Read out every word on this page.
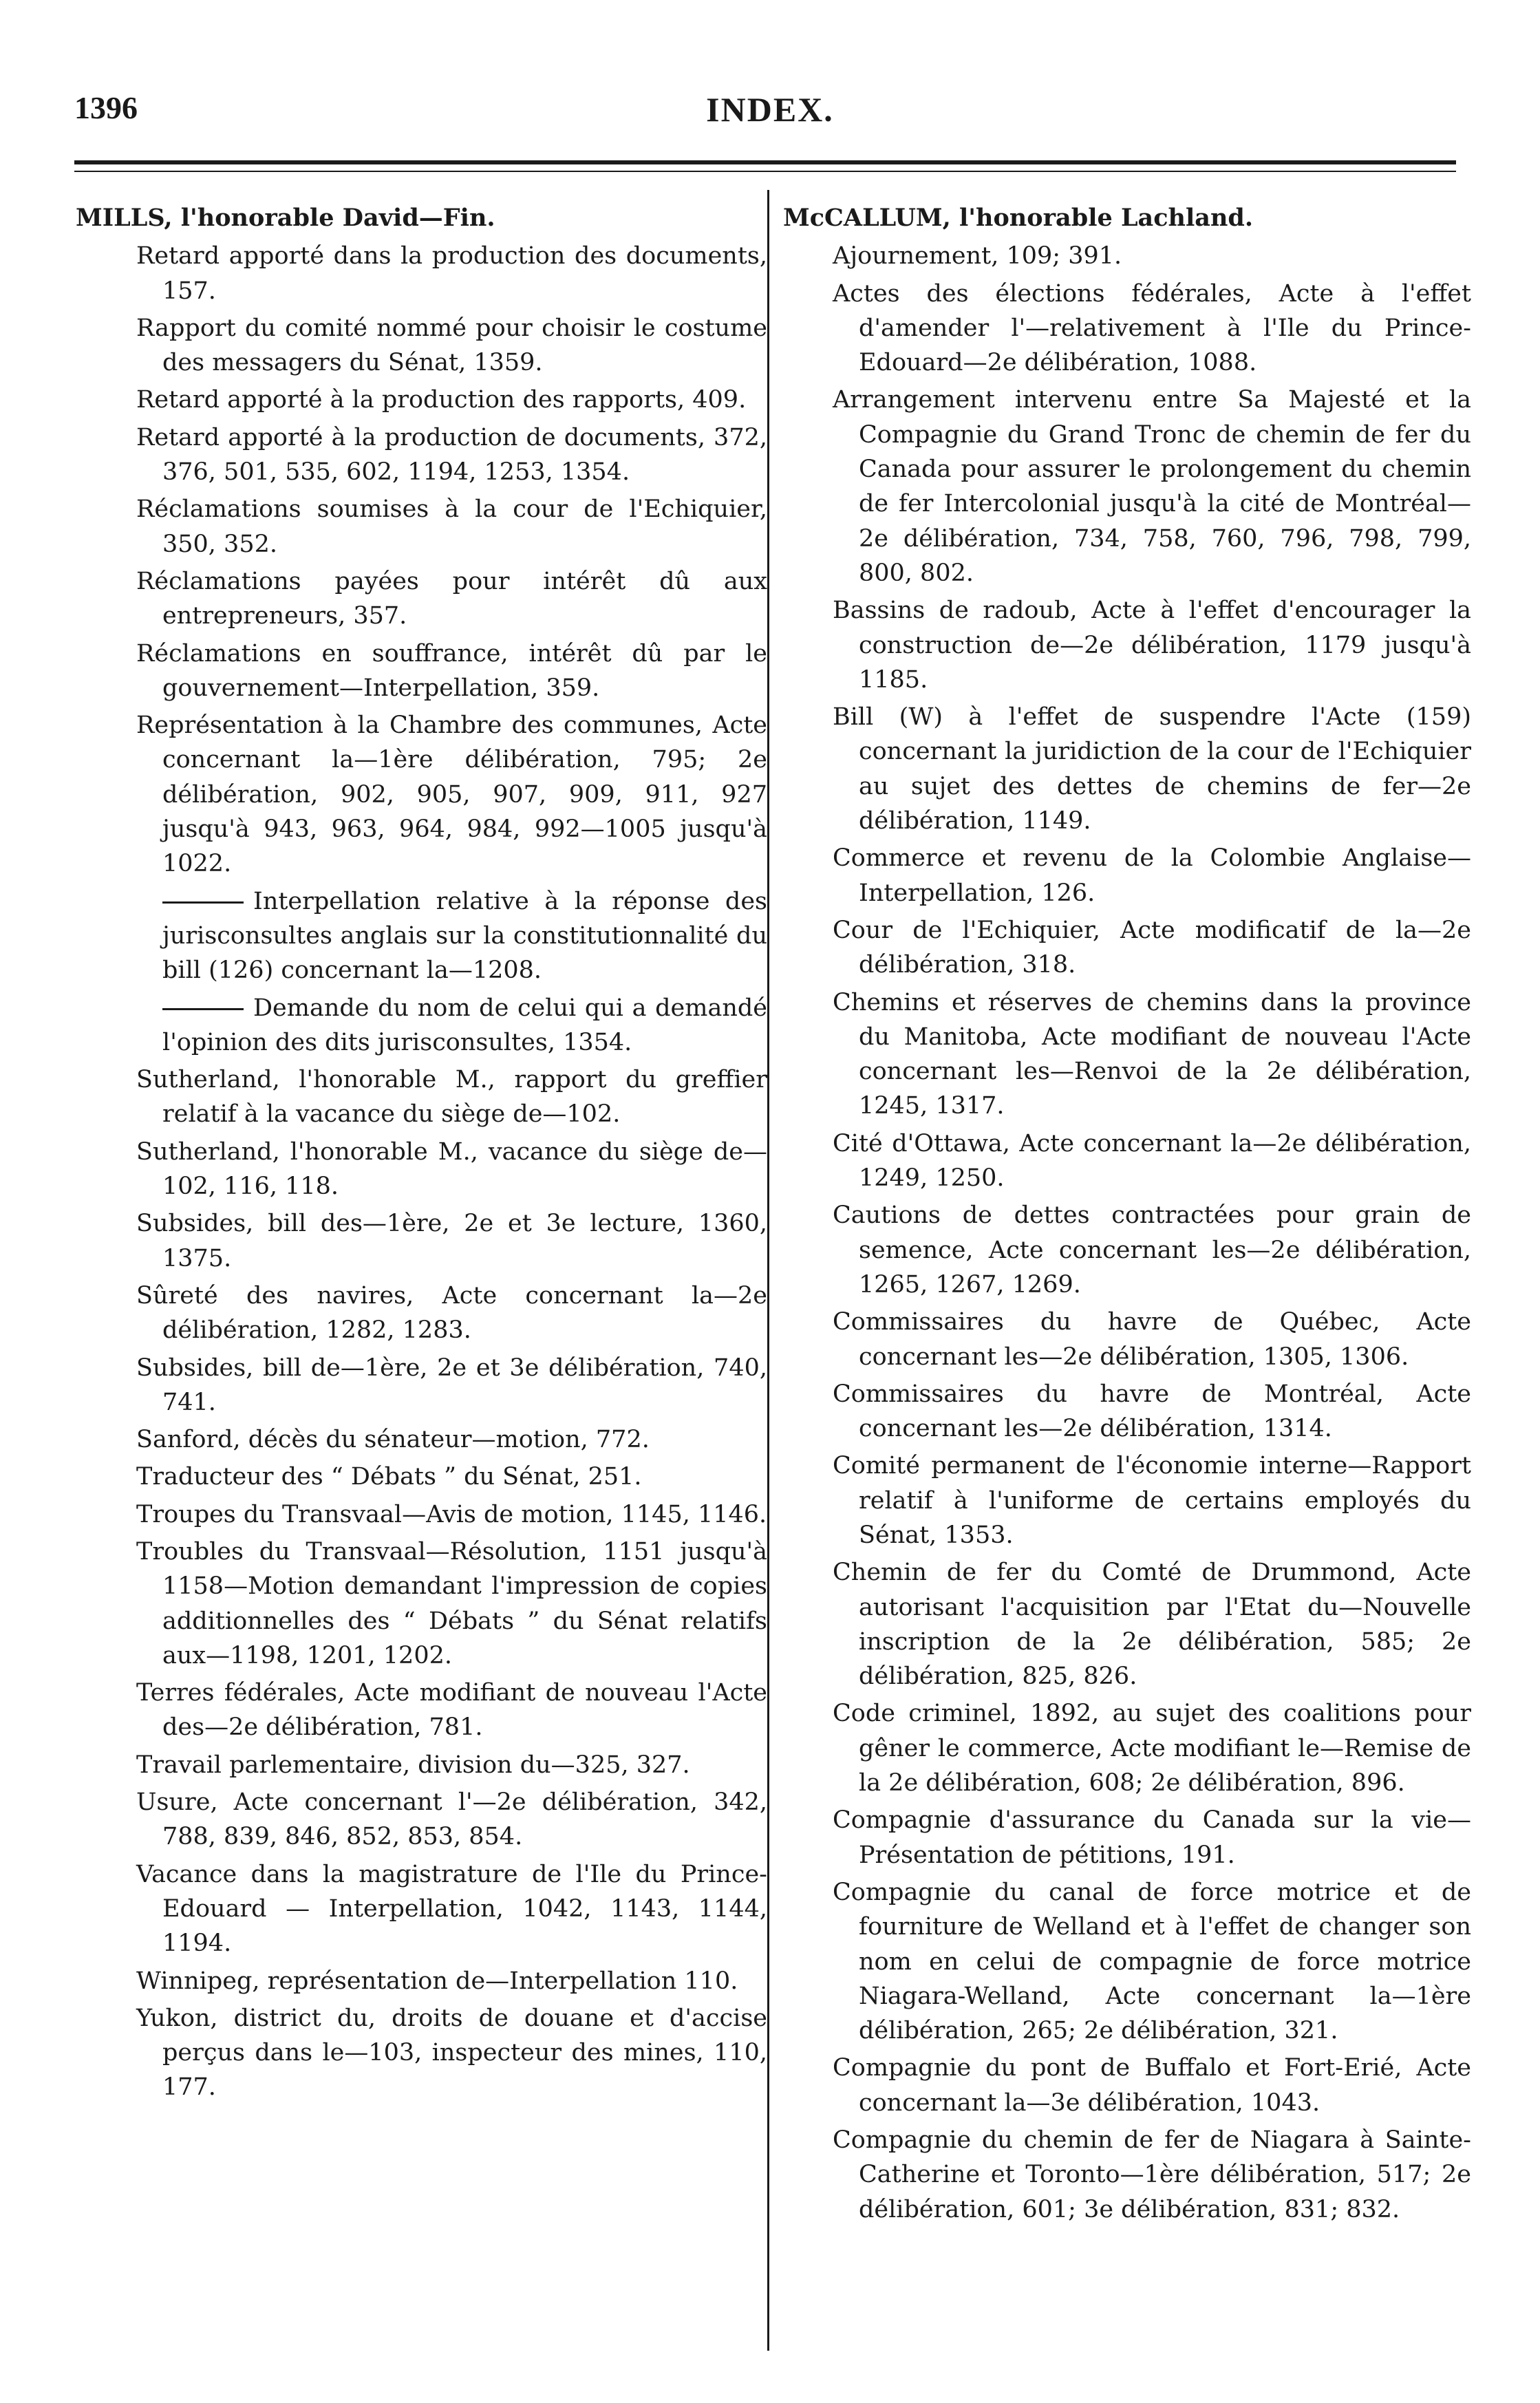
1396	INDEX.

MILLS, l'honorable David—Fin.

Retard apporté dans la production des documents, 157.

Rapport du comité nommé pour choisir le costume des messagers du Sénat, 1359.

Retard apporté à la production des rapports, 409.

Retard apporté à la production de documents, 372, 376, 501, 535, 602, 1194, 1253, 1354.

Réclamations soumises à la cour de l'Echiquier, 350, 352.

Réclamations payées pour intérêt dû aux entrepreneurs, 357.

Réclamations en souffrance, intérêt dû par le gouvernement—Interpellation, 359.

Représentation à la Chambre des communes, Acte concernant la—1ère délibération, 795; 2e délibération, 902, 905, 907, 909, 911, 927 jusqu'à 943, 963, 964, 984, 992—1005 jusqu'à 1022.

Interpellation relative à la réponse des jurisconsultes anglais sur la constitutionnalité du bill (126) concernant la—1208.

Demande du nom de celui qui a demandé l'opinion des dits jurisconsultes, 1354.

Sutherland, l'honorable M., rapport du greffier relatif à la vacance du siège de—102.

Sutherland, l'honorable M., vacance du siège de—102, 116, 118.

Subsides, bill des—1ère, 2e et 3e lecture, 1360, 1375.

Sûreté des navires, Acte concernant la—2e délibération, 1282, 1283.

Subsides, bill de—1ère, 2e et 3e délibération, 740, 741.

Sanford, décès du sénateur—motion, 772.

Traducteur des “ Débats ” du Sénat, 251.

Troupes du Transvaal—Avis de motion, 1145, 1146.

Troubles du Transvaal—Résolution, 1151 jusqu'à 1158—Motion demandant l'impression de copies additionnelles des “ Débats ” du Sénat relatifs aux—1198, 1201, 1202.

Terres fédérales, Acte modifiant de nouveau l'Acte des—2e délibération, 781.

Travail parlementaire, division du—325, 327.

Usure, Acte concernant l'—2e délibération, 342, 788, 839, 846, 852, 853, 854.

Vacance dans la magistrature de l'Ile du Prince-Edouard — Interpellation, 1042, 1143, 1144, 1194.

Winnipeg, représentation de—Interpellation 110.

Yukon, district du, droits de douane et d'accise perçus dans le—103, inspecteur des mines, 110, 177.

McCALLUM, l'honorable Lachland.

Ajournement, 109; 391.

Actes des élections fédérales, Acte à l'effet d'amender l'—relativement à l'Ile du Prince-Edouard—2e délibération, 1088.

Arrangement intervenu entre Sa Majesté et la Compagnie du Grand Tronc de chemin de fer du Canada pour assurer le prolongement du chemin de fer Intercolonial jusqu'à la cité de Montréal—2e délibération, 734, 758, 760, 796, 798, 799, 800, 802.

Bassins de radoub, Acte à l'effet d'encourager la construction de—2e délibération, 1179 jusqu'à 1185.

Bill (W) à l'effet de suspendre l'Acte (159) concernant la juridiction de la cour de l'Echiquier au sujet des dettes de chemins de fer—2e délibération, 1149.

Commerce et revenu de la Colombie Anglaise—Interpellation, 126.

Cour de l'Echiquier, Acte modificatif de la—2e délibération, 318.

Chemins et réserves de chemins dans la province du Manitoba, Acte modifiant de nouveau l'Acte concernant les—Renvoi de la 2e délibération, 1245, 1317.

Cité d'Ottawa, Acte concernant la—2e délibération, 1249, 1250.

Cautions de dettes contractées pour grain de semence, Acte concernant les—2e délibération, 1265, 1267, 1269.

Commissaires du havre de Québec, Acte concernant les—2e délibération, 1305, 1306.

Commissaires du havre de Montréal, Acte concernant les—2e délibération, 1314.

Comité permanent de l'économie interne—Rapport relatif à l'uniforme de certains employés du Sénat, 1353.

Chemin de fer du Comté de Drummond, Acte autorisant l'acquisition par l'Etat du—Nouvelle inscription de la 2e délibération, 585; 2e délibération, 825, 826.

Code criminel, 1892, au sujet des coalitions pour gêner le commerce, Acte modifiant le—Remise de la 2e délibération, 608; 2e délibération, 896.

Compagnie d'assurance du Canada sur la vie—Présentation de pétitions, 191.

Compagnie du canal de force motrice et de fourniture de Welland et à l'effet de changer son nom en celui de compagnie de force motrice Niagara-Welland, Acte concernant la—1ère délibération, 265; 2e délibération, 321.

Compagnie du pont de Buffalo et Fort-Erié, Acte concernant la—3e délibération, 1043.

Compagnie du chemin de fer de Niagara à Sainte-Catherine et Toronto—1ère délibération, 517; 2e délibération, 601; 3e délibération, 831; 832.
